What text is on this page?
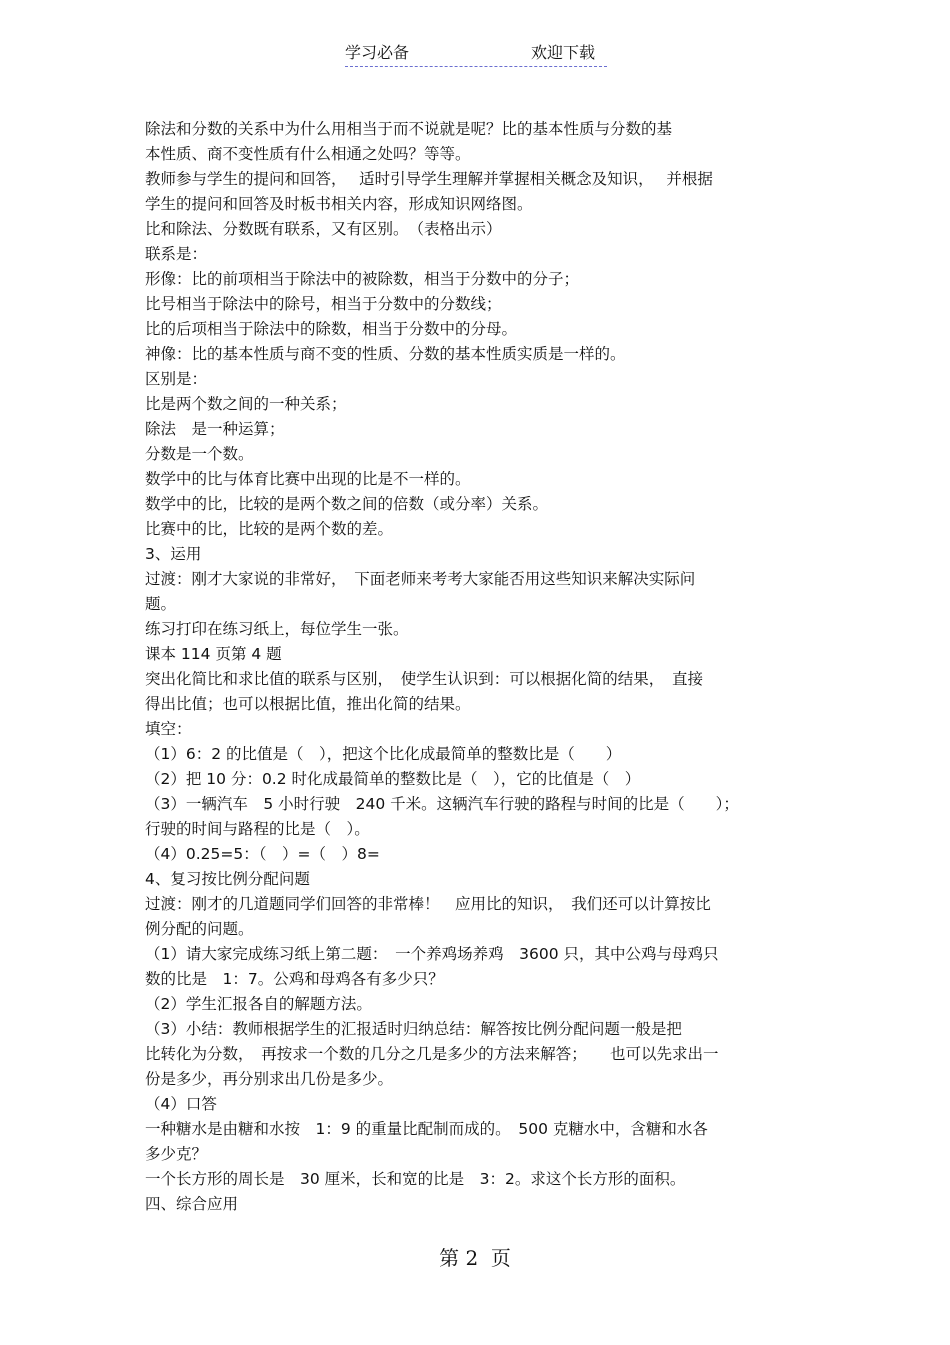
学习必备	欢迎下载
除法和分数的关系中为什么用相当于而不说就是呢？比的基本性质与分数的基
本性质、商不变性质有什么相通之处吗？等等。
教师参与学生的提问和回答，　 适时引导学生理解并掌握相关概念及知识，　 并根据
学生的提问和回答及时板书相关内容，形成知识网络图。
比和除法、分数既有联系，又有区别。　（表格出示）
联系是：
形像：比的前项相当于除法中的被除数，相当于分数中的分子；
比号相当于除法中的除号，相当于分数中的分数线；
比的后项相当于除法中的除数，相当于分数中的分母。
神像：比的基本性质与商不变的性质、分数的基本性质实质是一样的。
区别是：
比是两个数之间的一种关系；
除法　是一种运算；
分数是一个数。
数学中的比与体育比赛中出现的比是不一样的。
数学中的比，比较的是两个数之间的倍数（或分率）关系。
比赛中的比，比较的是两个数的差。
3、运用
过渡：刚才大家说的非常好，　下面老师来考考大家能否用这些知识来解决实际问
题。
练习打印在练习纸上，每位学生一张。
课本 114 页第 4 题
突出化简比和求比值的联系与区别，　使学生认识到：可以根据化简的结果，　直接
得出比值；也可以根据比值，推出化简的结果。
填空：
（1）6：2 的比值是（　），把这个比化成最简单的整数比是（　　）
（2）把 10 分：0.2 时化成最简单的整数比是（　），它的比值是（　）
（3）一辆汽车　5 小时行驶　240 千米。这辆汽车行驶的路程与时间的比是（　　）；
行驶的时间与路程的比是（　）。
（4）0.25=5：（　）=（　）8=
4、复习按比例分配问题
过渡：刚才的几道题同学们回答的非常棒！　应用比的知识，　我们还可以计算按比
例分配的问题。
（1）请大家完成练习纸上第二题：　一个养鸡场养鸡　3600 只，其中公鸡与母鸡只
数的比是　1：7。公鸡和母鸡各有多少只？
（2）学生汇报各自的解题方法。
（3）小结：教师根据学生的汇报适时归纳总结：解答按比例分配问题一般是把
比转化为分数，　再按求一个数的几分之几是多少的方法来解答；　　也可以先求出一
份是多少，再分别求出几份是多少。
（4）口答
一种糖水是由糖和水按　1：9 的重量比配制而成的。　500 克糖水中，含糖和水各
多少克？
一个长方形的周长是　30 厘米，长和宽的比是　3：2。求这个长方形的面积。
四、综合应用
第 2  页
